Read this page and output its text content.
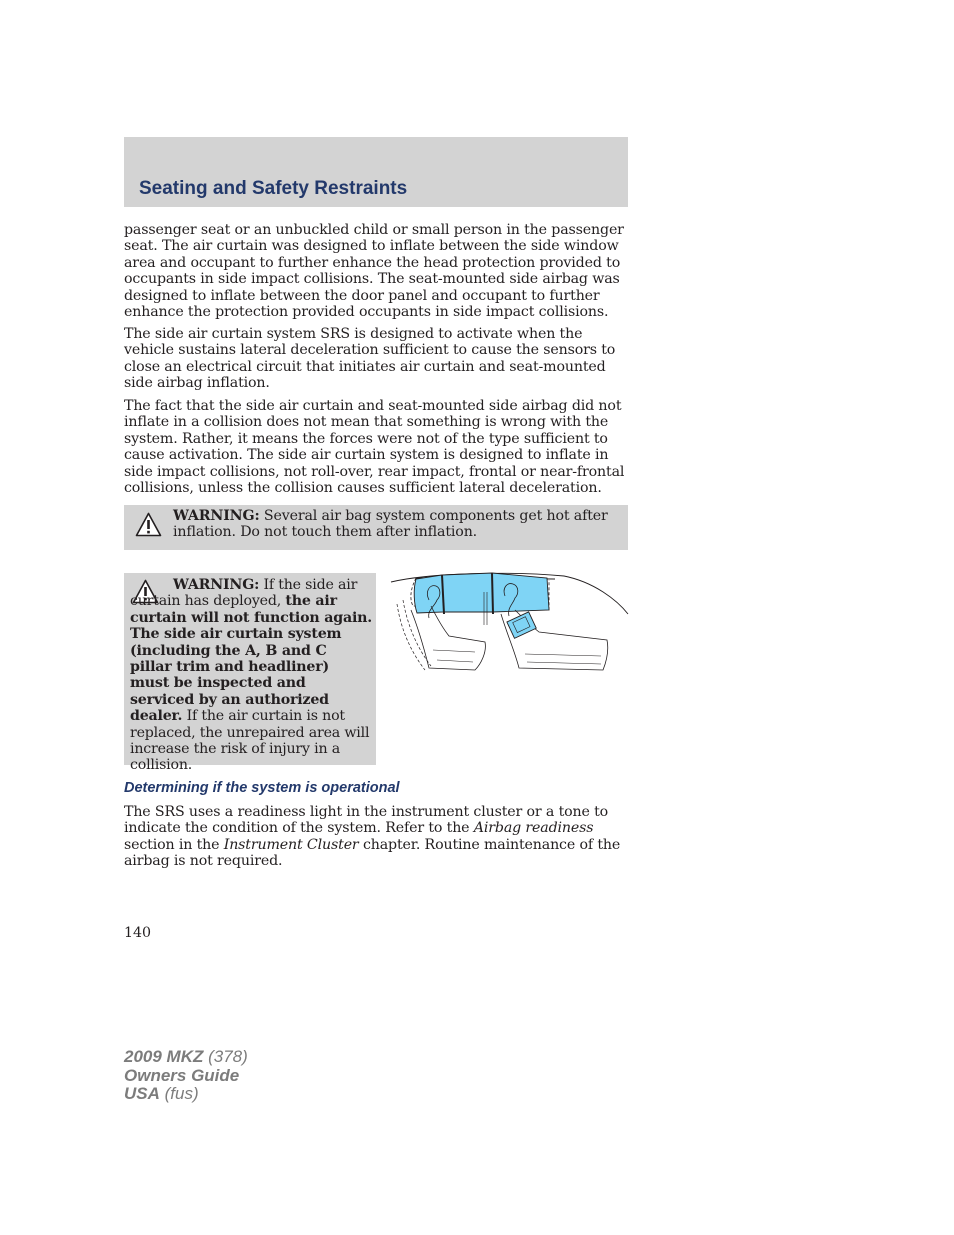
Seating and Safety Restraints

passenger seat or an unbuckled child or small person in the passenger seat. The air curtain was designed to inflate between the side window area and occupant to further enhance the head protection provided to occupants in side impact collisions. The seat-mounted side airbag was designed to inflate between the door panel and occupant to further enhance the protection provided occupants in side impact collisions.

The side air curtain system SRS is designed to activate when the vehicle sustains lateral deceleration sufficient to cause the sensors to close an electrical circuit that initiates air curtain and seat-mounted side airbag inflation.

The fact that the side air curtain and seat-mounted side airbag did not inflate in a collision does not mean that something is wrong with the system. Rather, it means the forces were not of the type sufficient to cause activation. The side air curtain system is designed to inflate in side impact collisions, not roll-over, rear impact, frontal or near-frontal collisions, unless the collision causes sufficient lateral deceleration.

WARNING: Several air bag system components get hot after inflation. Do not touch them after inflation.

WARNING: If the side air curtain has deployed, the air curtain will not function again. The side air curtain system (including the A, B and C pillar trim and headliner) must be inspected and serviced by an authorized dealer. If the air curtain is not replaced, the unrepaired area will increase the risk of injury in a collision.

Determining if the system is operational

The SRS uses a readiness light in the instrument cluster or a tone to indicate the condition of the system. Refer to the Airbag readiness section in the Instrument Cluster chapter. Routine maintenance of the airbag is not required.

140

2009 MKZ (378)
Owners Guide
USA (fus)
